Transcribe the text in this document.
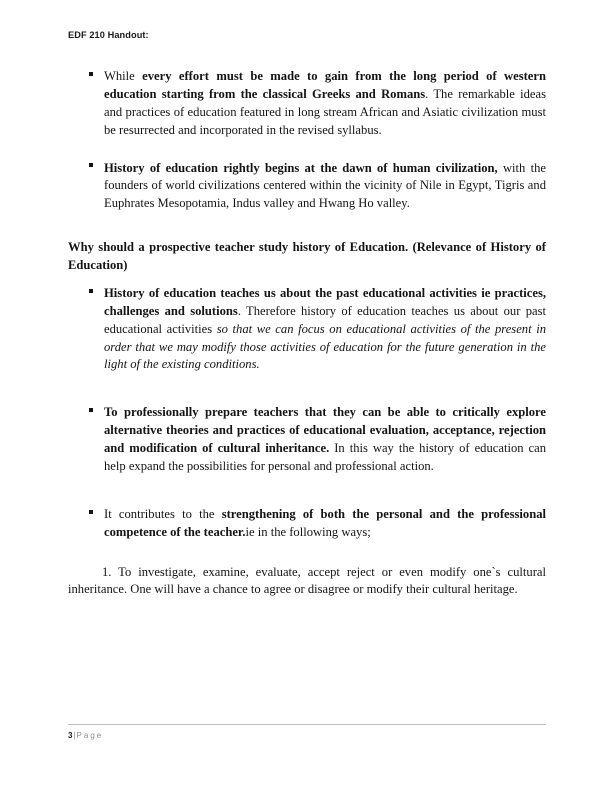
EDF 210 Handout:
While every effort must be made to gain from the long period of western education starting from the classical Greeks and Romans. The remarkable ideas and practices of education featured in long stream African and Asiatic civilization must be resurrected and incorporated in the revised syllabus.
History of education rightly begins at the dawn of human civilization, with the founders of world civilizations centered within the vicinity of Nile in Egypt, Tigris and Euphrates Mesopotamia, Indus valley and Hwang Ho valley.

Why should a prospective teacher study history of Education. (Relevance of History of Education)

History of education teaches us about the past educational activities ie practices, challenges and solutions. Therefore history of education teaches us about our past educational activities so that we can focus on educational activities of the present in order that we may modify those activities of education for the future generation in the light of the existing conditions.
To professionally prepare teachers that they can be able to critically explore alternative theories and practices of educational evaluation, acceptance, rejection and modification of cultural inheritance. In this way the history of education can help expand the possibilities for personal and professional action.
It contributes to the strengthening of both the personal and the professional competence of the teacher.ie in the following ways;

1. To investigate, examine, evaluate, accept reject or even modify one`s cultural inheritance. One will have a chance to agree or disagree or modify their cultural heritage.

3|Page
